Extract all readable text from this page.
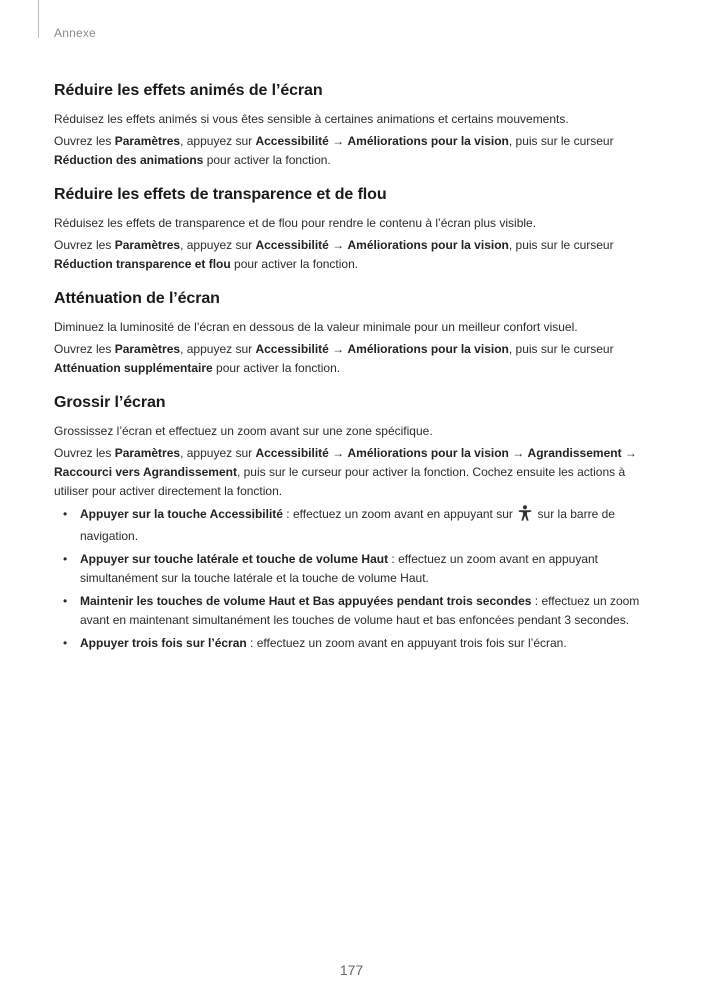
Annexe
Réduire les effets animés de l’écran

Réduisez les effets animés si vous êtes sensible à certaines animations et certains mouvements.

Ouvrez les Paramètres, appuyez sur Accessibilité → Améliorations pour la vision, puis sur le curseur Réduction des animations pour activer la fonction.

Réduire les effets de transparence et de flou

Réduisez les effets de transparence et de flou pour rendre le contenu à l’écran plus visible.

Ouvrez les Paramètres, appuyez sur Accessibilité → Améliorations pour la vision, puis sur le curseur Réduction transparence et flou pour activer la fonction.

Atténuation de l’écran

Diminuez la luminosité de l’écran en dessous de la valeur minimale pour un meilleur confort visuel.

Ouvrez les Paramètres, appuyez sur Accessibilité → Améliorations pour la vision, puis sur le curseur Atténuation supplémentaire pour activer la fonction.

Grossir l’écran

Grossissez l’écran et effectuez un zoom avant sur une zone spécifique.

Ouvrez les Paramètres, appuyez sur Accessibilité → Améliorations pour la vision → Agrandissement → Raccourci vers Agrandissement, puis sur le curseur pour activer la fonction. Cochez ensuite les actions à utiliser pour activer directement la fonction.

• Appuyer sur la touche Accessibilité : effectuez un zoom avant en appuyant sur  sur la barre de navigation.
• Appuyer sur touche latérale et touche de volume Haut : effectuez un zoom avant en appuyant simultanément sur la touche latérale et la touche de volume Haut.
• Maintenir les touches de volume Haut et Bas appuyées pendant trois secondes : effectuez un zoom avant en maintenant simultanément les touches de volume haut et bas enfoncées pendant 3 secondes.
• Appuyer trois fois sur l’écran : effectuez un zoom avant en appuyant trois fois sur l’écran.
177
